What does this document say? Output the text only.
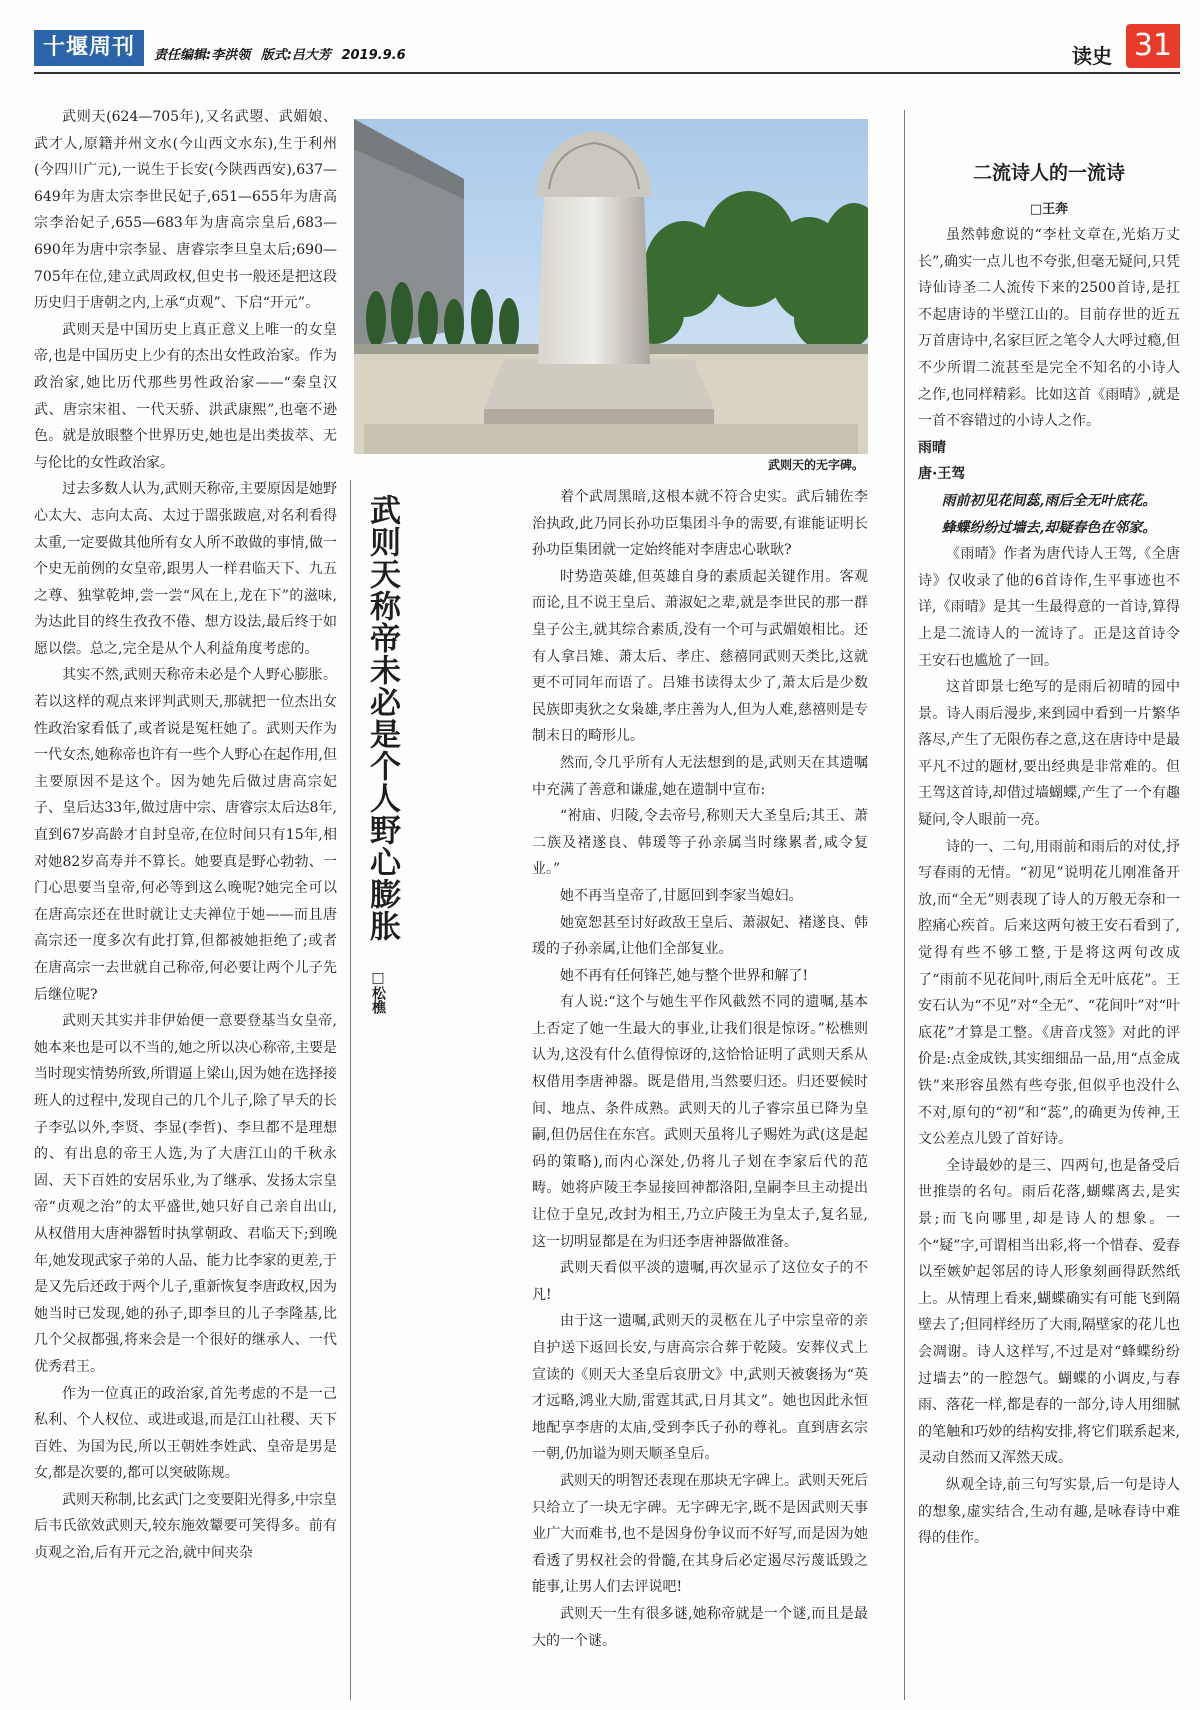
十堰周刊	责任编辑:李洪领 版式:吕大芳 2019.9.6	读史 31

武则天(624—705年),又名武曌、武媚娘、武才人,原籍并州文水(今山西文水东),生于利州(今四川广元),一说生于长安(今陕西西安),637—649年为唐太宗李世民妃子,651—655年为唐高宗李治妃子,655—683年为唐高宗皇后,683—690年为唐中宗李显、唐睿宗李旦皇太后;690—705年在位,建立武周政权,但史书一般还是把这段历史归于唐朝之内,上承“贞观”、下启“开元”。

武则天是中国历史上真正意义上唯一的女皇帝,也是中国历史上少有的杰出女性政治家。作为政治家,她比历代那些男性政治家——“秦皇汉武、唐宗宋祖、一代天骄、洪武康熙”,也毫不逊色。就是放眼整个世界历史,她也是出类拔萃、无与伦比的女性政治家。

过去多数人认为,武则天称帝,主要原因是她野心太大、志向太高、太过于噐张跋扈,对名利看得太重,一定要做其他所有女人所不敢做的事情,做一个史无前例的女皇帝,跟男人一样君临天下、九五之尊、独掌乾坤,尝一尝“风在上,龙在下”的滋味,为达此目的终生孜孜不倦、想方设法,最后终于如愿以偿。总之,完全是从个人利益角度考虑的。

其实不然,武则天称帝未必是个人野心膨胀。若以这样的观点来评判武则天,那就把一位杰出女性政治家看低了,或者说是冤枉她了。武则天作为一代女杰,她称帝也许有一些个人野心在起作用,但主要原因不是这个。因为她先后做过唐高宗妃子、皇后达33年,做过唐中宗、唐睿宗太后达8年,直到67岁高龄才自封皇帝,在位时间只有15年,相对她82岁高寿并不算长。她要真是野心勃勃、一门心思要当皇帝,何必等到这么晚呢?她完全可以在唐高宗还在世时就让丈夫禅位于她——而且唐高宗还一度多次有此打算,但都被她拒绝了;或者在唐高宗一去世就自己称帝,何必要让两个儿子先后继位呢?

武则天其实并非伊始便一意要登基当女皇帝,她本来也是可以不当的,她之所以决心称帝,主要是当时现实情势所致,所谓逼上梁山,因为她在选择接班人的过程中,发现自己的几个儿子,除了早夭的长子李弘以外,李贤、李显(李哲)、李旦都不是理想的、有出息的帝王人选,为了大唐江山的千秋永固、天下百姓的安居乐业,为了继承、发扬太宗皇帝“贞观之治”的太平盛世,她只好自己亲自出山,从权借用大唐神器暂时执掌朝政、君临天下;到晚年,她发现武家子弟的人品、能力比李家的更差,于是又先后还政于两个儿子,重新恢复李唐政权,因为她当时已发现,她的孙子,即李旦的儿子李隆基,比几个父叔都强,将来会是一个很好的继承人、一代优秀君王。

作为一位真正的政治家,首先考虑的不是一己私利、个人权位、或进或退,而是江山社稷、天下百姓、为国为民,所以王朝姓李姓武、皇帝是男是女,都是次要的,都可以突破陈规。

武则天称制,比玄武门之变要阳光得多,中宗皇后韦氏欲效武则天,较东施效颦要可笑得多。前有贞观之治,后有开元之治,就中间夹杂

武则天的无字碑。
武则天称帝未必是个人野心膨胀
□松樵

着个武周黑暗,这根本就不符合史实。武后辅佐李治执政,此乃同长孙功臣集团斗争的需要,有谁能证明长孙功臣集团就一定始终能对李唐忠心耿耿?

时势造英雄,但英雄自身的素质起关键作用。客观而论,且不说王皇后、萧淑妃之辈,就是李世民的那一群皇子公主,就其综合素质,没有一个可与武媚娘相比。还有人拿吕雉、萧太后、孝庄、慈禧同武则天类比,这就更不可同年而语了。吕雉书读得太少了,萧太后是少数民族即夷狄之女枭雄,孝庄善为人,但为人难,慈禧则是专制末日的畸形儿。

然而,令几乎所有人无法想到的是,武则天在其遗嘱中充满了善意和谦虚,她在遗制中宣布:

“袝庙、归陵,令去帝号,称则天大圣皇后;其王、萧二族及褚遂良、韩瑗等子孙亲属当时缘累者,咸令复业。”

她不再当皇帝了,甘愿回到李家当媳妇。

她宽恕甚至讨好政敌王皇后、萧淑妃、褚遂良、韩瑗的子孙亲属,让他们全部复业。

她不再有任何锋芒,她与整个世界和解了!

有人说:“这个与她生平作风截然不同的遗嘱,基本上否定了她一生最大的事业,让我们很是惊讶。”松樵则认为,这没有什么值得惊讶的,这恰恰证明了武则天系从权借用李唐神器。既是借用,当然要归还。归还要候时间、地点、条件成熟。武则天的儿子睿宗虽已降为皇嗣,但仍居住在东宫。武则天虽将儿子赐姓为武(这是起码的策略),而内心深处,仍将儿子划在李家后代的范畴。她将庐陵王李显接回神都洛阳,皇嗣李旦主动提出让位于皇兄,改封为相王,乃立庐陵王为皇太子,复名显,这一切明显都是在为归还李唐神器做准备。

武则天看似平淡的遗嘱,再次显示了这位女子的不凡!

由于这一遗嘱,武则天的灵柩在儿子中宗皇帝的亲自护送下返回长安,与唐高宗合葬于乾陵。安葬仪式上宣读的《则天大圣皇后哀册文》中,武则天被褒扬为“英才远略,鸿业大励,雷霆其武,日月其文”。她也因此永恒地配享李唐的太庙,受到李氏子孙的尊礼。直到唐玄宗一朝,仍加谥为则天顺圣皇后。

武则天的明智还表现在那块无字碑上。武则天死后只给立了一块无字碑。无字碑无字,既不是因武则天事业广大而难书,也不是因身份争议而不好写,而是因为她看透了男权社会的骨髓,在其身后必定遏尽污蔑诋毁之能事,让男人们去评说吧!

武则天一生有很多谜,她称帝就是一个谜,而且是最大的一个谜。

二流诗人的一流诗
□王奔

虽然韩愈说的“李杜文章在,光焰万丈长”,确实一点儿也不夸张,但毫无疑问,只凭诗仙诗圣二人流传下来的2500首诗,是扛不起唐诗的半壁江山的。目前存世的近五万首唐诗中,名家巨匠之笔令人大呼过瘾,但不少所谓二流甚至是完全不知名的小诗人之作,也同样精彩。比如这首《雨晴》,就是一首不容错过的小诗人之作。

雨晴

唐·王驾

雨前初见花间蕊,雨后全无叶底花。

蜂蝶纷纷过墙去,却疑春色在邻家。

《雨晴》作者为唐代诗人王驾,《全唐诗》仅收录了他的6首诗作,生平事迹也不详,《雨晴》是其一生最得意的一首诗,算得上是二流诗人的一流诗了。正是这首诗令王安石也尴尬了一回。

这首即景七绝写的是雨后初晴的园中景。诗人雨后漫步,来到园中看到一片繁华落尽,产生了无限伤春之意,这在唐诗中是最平凡不过的题材,要出经典是非常难的。但王驾这首诗,却借过墙蝴蝶,产生了一个有趣疑问,令人眼前一亮。

诗的一、二句,用雨前和雨后的对仗,抒写春雨的无情。“初见”说明花儿刚准备开放,而“全无”则表现了诗人的万般无奈和一腔痛心疾首。后来这两句被王安石看到了,觉得有些不够工整,于是将这两句改成了“雨前不见花间叶,雨后全无叶底花”。王安石认为“不见”对“全无”、“花间叶”对“叶底花”才算是工整。《唐音戊签》对此的评价是:点金成铁,其实细细品一品,用“点金成铁”来形容虽然有些夸张,但似乎也没什么不对,原句的“初”和“蕊”,的确更为传神,王文公差点儿毁了首好诗。

全诗最妙的是三、四两句,也是备受后世推崇的名句。雨后花落,蝴蝶离去,是实景;而飞向哪里,却是诗人的想象。一个“疑”字,可谓相当出彩,将一个惜春、爱春以至嫉妒起邻居的诗人形象刻画得跃然纸上。从情理上看来,蝴蝶确实有可能飞到隔壁去了;但同样经历了大雨,隔壁家的花儿也会凋谢。诗人这样写,不过是对“蜂蝶纷纷过墙去”的一腔怨气。蝴蝶的小调皮,与春雨、落花一样,都是春的一部分,诗人用细腻的笔触和巧妙的结构安排,将它们联系起来,灵动自然而又浑然天成。

纵观全诗,前三句写实景,后一句是诗人的想象,虚实结合,生动有趣,是咏春诗中难得的佳作。
